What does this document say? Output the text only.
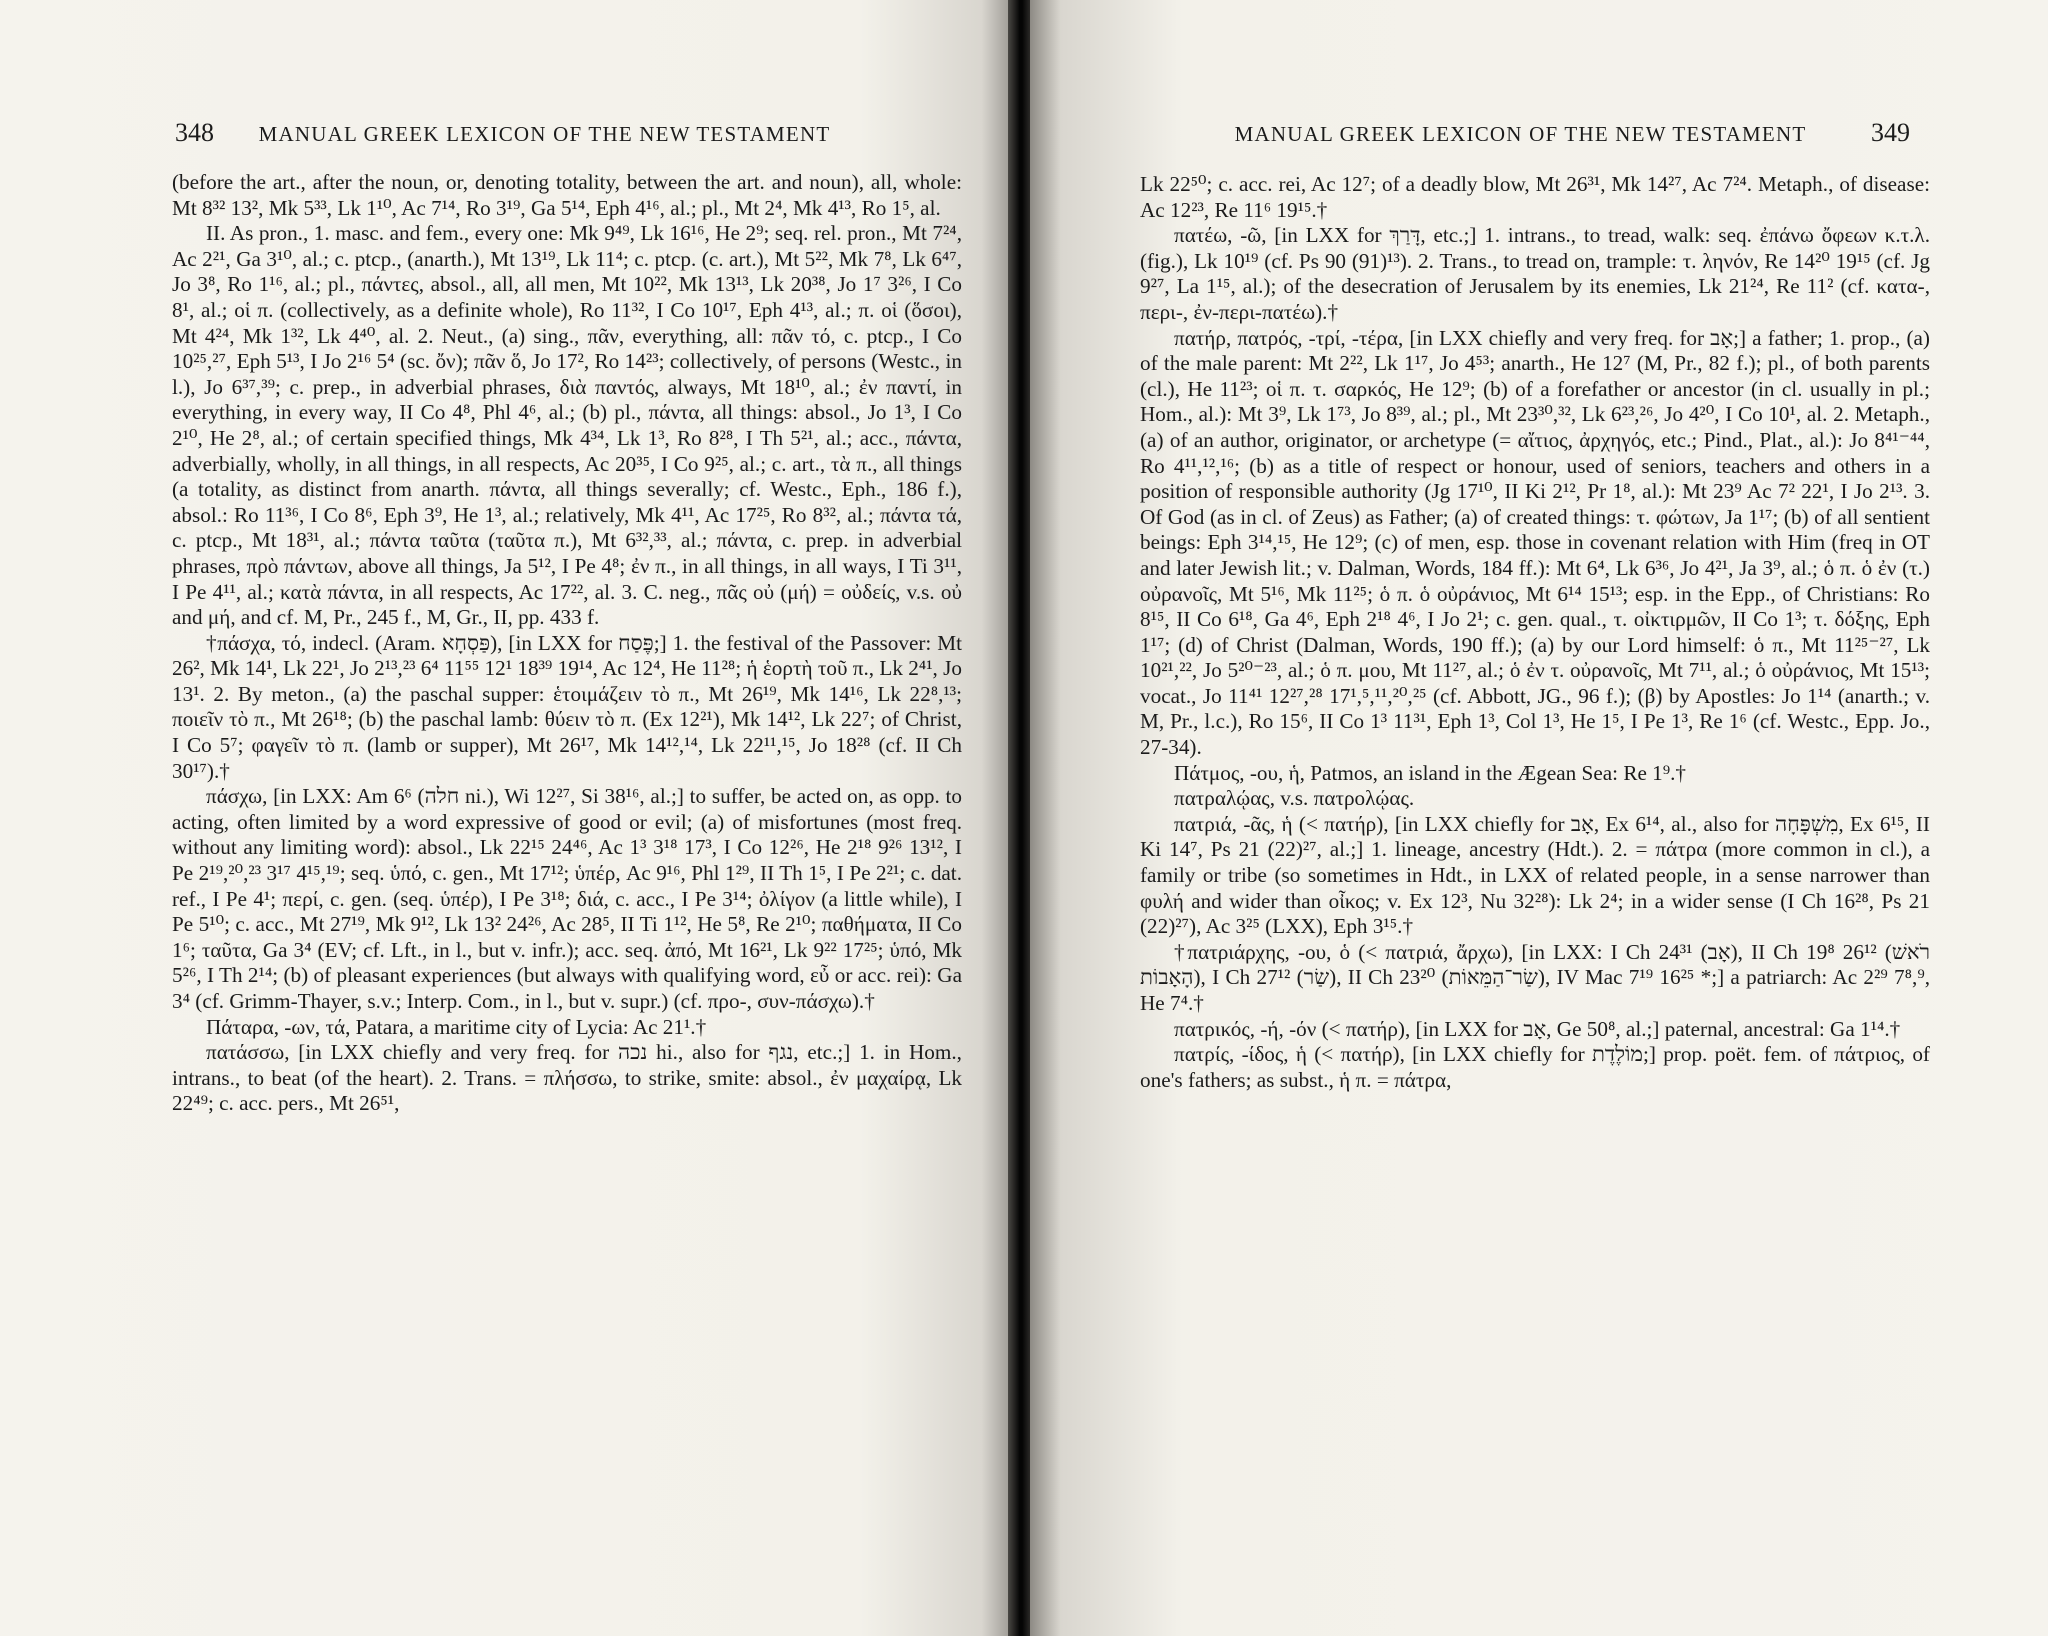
348 MANUAL GREEK LEXICON OF THE NEW TESTAMENT

(before the art., after the noun, or, denoting totality, between the art. and noun), all, whole: Mt 8³² 13², Mk 5³³, Lk 1¹⁰, Ac 7¹⁴, Ro 3¹⁹, Ga 5¹⁴, Eph 4¹⁶, al.; pl., Mt 2⁴, Mk 4¹³, Ro 1⁵, al.

II. As pron., 1. masc. and fem., every one: Mk 9⁴⁹, Lk 16¹⁶, He 2⁹; seq. rel. pron., Mt 7²⁴, Ac 2²¹, Ga 3¹⁰, al.; c. ptcp., (anarth.), Mt 13¹⁹, Lk 11⁴; c. ptcp. (c. art.), Mt 5²², Mk 7⁸, Lk 6⁴⁷, Jo 3⁸, Ro 1¹⁶, al.; pl., πάντες, absol., all, all men, Mt 10²², Mk 13¹³, Lk 20³⁸, Jo 1⁷ 3²⁶, I Co 8¹, al.; οἱ π. (collectively, as a definite whole), Ro 11³², I Co 10¹⁷, Eph 4¹³, al.; π. οἱ (ὅσοι), Mt 4²⁴, Mk 1³², Lk 4⁴⁰, al. 2. Neut., (a) sing., πᾶν, everything, all: πᾶν τό, c. ptcp., I Co 10²⁵,²⁷, Eph 5¹³, I Jo 2¹⁶ 5⁴ (sc. ὄν); πᾶν ὅ, Jo 17², Ro 14²³; collectively, of persons (Westc., in l.), Jo 6³⁷,³⁹; c. prep., in adverbial phrases, διὰ παντός, always, Mt 18¹⁰, al.; ἐν παντί, in everything, in every way, II Co 4⁸, Phl 4⁶, al.; (b) pl., πάντα, all things: absol., Jo 1³, I Co 2¹⁰, He 2⁸, al.; of certain specified things, Mk 4³⁴, Lk 1³, Ro 8²⁸, I Th 5²¹, al.; acc., πάντα, adverbially, wholly, in all things, in all respects, Ac 20³⁵, I Co 9²⁵, al.; c. art., τὰ π., all things (a totality, as distinct from anarth. πάντα, all things severally; cf. Westc., Eph., 186 f.), absol.: Ro 11³⁶, I Co 8⁶, Eph 3⁹, He 1³, al.; relatively, Mk 4¹¹, Ac 17²⁵, Ro 8³², al.; πάντα τά, c. ptcp., Mt 18³¹, al.; πάντα ταῦτα (ταῦτα π.), Mt 6³²,³³, al.; πάντα, c. prep. in adverbial phrases, πρὸ πάντων, above all things, Ja 5¹², I Pe 4⁸; ἐν π., in all things, in all ways, I Ti 3¹¹, I Pe 4¹¹, al.; κατὰ πάντα, in all respects, Ac 17²², al. 3. C. neg., πᾶς οὐ (μή) = οὐδείς, v.s. οὐ and μή, and cf. M, Pr., 245 f., M, Gr., II, pp. 433 f.

†πάσχα, τό, indecl. (Aram. פַּסְחָא), [in LXX for פֶּסַח;] 1. the festival of the Passover: Mt 26², Mk 14¹, Lk 22¹, Jo 2¹³,²³ 6⁴ 11⁵⁵ 12¹ 18³⁹ 19¹⁴, Ac 12⁴, He 11²⁸; ἡ ἑορτὴ τοῦ π., Lk 2⁴¹, Jo 13¹. 2. By meton., (a) the paschal supper: ἑτοιμάζειν τὸ π., Mt 26¹⁹, Mk 14¹⁶, Lk 22⁸,¹³; ποιεῖν τὸ π., Mt 26¹⁸; (b) the paschal lamb: θύειν τὸ π. (Ex 12²¹), Mk 14¹², Lk 22⁷; of Christ, I Co 5⁷; φαγεῖν τὸ π. (lamb or supper), Mt 26¹⁷, Mk 14¹²,¹⁴, Lk 22¹¹,¹⁵, Jo 18²⁸ (cf. II Ch 30¹⁷).†

πάσχω, [in LXX: Am 6⁶ (חלה ni.), Wi 12²⁷, Si 38¹⁶, al.;] to suffer, be acted on, as opp. to acting, often limited by a word expressive of good or evil; (a) of misfortunes (most freq. without any limiting word): absol., Lk 22¹⁵ 24⁴⁶, Ac 1³ 3¹⁸ 17³, I Co 12²⁶, He 2¹⁸ 9²⁶ 13¹², I Pe 2¹⁹,²⁰,²³ 3¹⁷ 4¹⁵,¹⁹; seq. ὑπό, c. gen., Mt 17¹²; ὑπέρ, Ac 9¹⁶, Phl 1²⁹, II Th 1⁵, I Pe 2²¹; c. dat. ref., I Pe 4¹; περί, c. gen. (seq. ὑπέρ), I Pe 3¹⁸; διά, c. acc., I Pe 3¹⁴; ὀλίγον (a little while), I Pe 5¹⁰; c. acc., Mt 27¹⁹, Mk 9¹², Lk 13² 24²⁶, Ac 28⁵, II Ti 1¹², He 5⁸, Re 2¹⁰; παθήματα, II Co 1⁶; ταῦτα, Ga 3⁴ (EV; cf. Lft., in l., but v. infr.); acc. seq. ἀπό, Mt 16²¹, Lk 9²² 17²⁵; ὑπό, Mk 5²⁶, I Th 2¹⁴; (b) of pleasant experiences (but always with qualifying word, εὖ or acc. rei): Ga 3⁴ (cf. Grimm-Thayer, s.v.; Interp. Com., in l., but v. supr.) (cf. προ-, συν-πάσχω).†

Πάταρα, -ων, τά, Patara, a maritime city of Lycia: Ac 21¹.†

πατάσσω, [in LXX chiefly and very freq. for נכה hi., also for נגף, etc.;] 1. in Hom., intrans., to beat (of the heart). 2. Trans. = πλήσσω, to strike, smite: absol., ἐν μαχαίρᾳ, Lk 22⁴⁹; c. acc. pers., Mt 26⁵¹,

MANUAL GREEK LEXICON OF THE NEW TESTAMENT 349

Lk 22⁵⁰; c. acc. rei, Ac 12⁷; of a deadly blow, Mt 26³¹, Mk 14²⁷, Ac 7²⁴. Metaph., of disease: Ac 12²³, Re 11⁶ 19¹⁵.†

πατέω, -ῶ, [in LXX for דָּרַךְ, etc.;] 1. intrans., to tread, walk: seq. ἐπάνω ὄφεων κ.τ.λ. (fig.), Lk 10¹⁹ (cf. Ps 90 (91)¹³). 2. Trans., to tread on, trample: τ. ληνόν, Re 14²⁰ 19¹⁵ (cf. Jg 9²⁷, La 1¹⁵, al.); of the desecration of Jerusalem by its enemies, Lk 21²⁴, Re 11² (cf. κατα-, περι-, ἐν-περι-πατέω).†

πατήρ, πατρός, -τρί, -τέρα, [in LXX chiefly and very freq. for אָב;] a father; 1. prop., (a) of the male parent: Mt 2²², Lk 1¹⁷, Jo 4⁵³; anarth., He 12⁷ (M, Pr., 82 f.); pl., of both parents (cl.), He 11²³; οἱ π. τ. σαρκός, He 12⁹; (b) of a forefather or ancestor (in cl. usually in pl.; Hom., al.): Mt 3⁹, Lk 1⁷³, Jo 8³⁹, al.; pl., Mt 23³⁰,³², Lk 6²³,²⁶, Jo 4²⁰, I Co 10¹, al. 2. Metaph., (a) of an author, originator, or archetype (= αἴτιος, ἀρχηγός, etc.; Pind., Plat., al.): Jo 8⁴¹⁻⁴⁴, Ro 4¹¹,¹²,¹⁶; (b) as a title of respect or honour, used of seniors, teachers and others in a position of responsible authority (Jg 17¹⁰, II Ki 2¹², Pr 1⁸, al.): Mt 23⁹ Ac 7² 22¹, I Jo 2¹³. 3. Of God (as in cl. of Zeus) as Father; (a) of created things: τ. φώτων, Ja 1¹⁷; (b) of all sentient beings: Eph 3¹⁴,¹⁵, He 12⁹; (c) of men, esp. those in covenant relation with Him (freq in OT and later Jewish lit.; v. Dalman, Words, 184 ff.): Mt 6⁴, Lk 6³⁶, Jo 4²¹, Ja 3⁹, al.; ὁ π. ὁ ἐν (τ.) οὐρανοῖς, Mt 5¹⁶, Mk 11²⁵; ὁ π. ὁ οὐράνιος, Mt 6¹⁴ 15¹³; esp. in the Epp., of Christians: Ro 8¹⁵, II Co 6¹⁸, Ga 4⁶, Eph 2¹⁸ 4⁶, I Jo 2¹; c. gen. qual., τ. οἰκτιρμῶν, II Co 1³; τ. δόξης, Eph 1¹⁷; (d) of Christ (Dalman, Words, 190 ff.); (a) by our Lord himself: ὁ π., Mt 11²⁵⁻²⁷, Lk 10²¹,²², Jo 5²⁰⁻²³, al.; ὁ π. μου, Mt 11²⁷, al.; ὁ ἐν τ. οὐρανοῖς, Mt 7¹¹, al.; ὁ οὐράνιος, Mt 15¹³; vocat., Jo 11⁴¹ 12²⁷,²⁸ 17¹,⁵,¹¹,²⁰,²⁵ (cf. Abbott, JG., 96 f.); (β) by Apostles: Jo 1¹⁴ (anarth.; v. M, Pr., l.c.), Ro 15⁶, II Co 1³ 11³¹, Eph 1³, Col 1³, He 1⁵, I Pe 1³, Re 1⁶ (cf. Westc., Epp. Jo., 27-34).

Πάτμος, -ου, ἡ, Patmos, an island in the Ægean Sea: Re 1⁹.†

πατραλῴας, v.s. πατρολῴας.

πατριά, -ᾶς, ἡ (< πατήρ), [in LXX chiefly for אָב, Ex 6¹⁴, al., also for מִשְׁפָּחָה, Ex 6¹⁵, II Ki 14⁷, Ps 21 (22)²⁷, al.;] 1. lineage, ancestry (Hdt.). 2. = πάτρα (more common in cl.), a family or tribe (so sometimes in Hdt., in LXX of related people, in a sense narrower than φυλή and wider than οἶκος; v. Ex 12³, Nu 32²⁸): Lk 2⁴; in a wider sense (I Ch 16²⁸, Ps 21 (22)²⁷), Ac 3²⁵ (LXX), Eph 3¹⁵.†

†πατριάρχης, -ου, ὁ (< πατριά, ἄρχω), [in LXX: I Ch 24³¹ (אָב), II Ch 19⁸ 26¹² (רֹאשׁ הָאָבוֹת), I Ch 27¹² (שַׂר), II Ch 23²⁰ (שַׂר־הַמֵּאוֹת), IV Mac 7¹⁹ 16²⁵ *;] a patriarch: Ac 2²⁹ 7⁸,⁹, He 7⁴.†

πατρικός, -ή, -όν (< πατήρ), [in LXX for אָב, Ge 50⁸, al.;] paternal, ancestral: Ga 1¹⁴.†

πατρίς, -ίδος, ἡ (< πατήρ), [in LXX chiefly for מוֹלֶדֶת;] prop. poët. fem. of πάτριος, of one's fathers; as subst., ἡ π. = πάτρα,
